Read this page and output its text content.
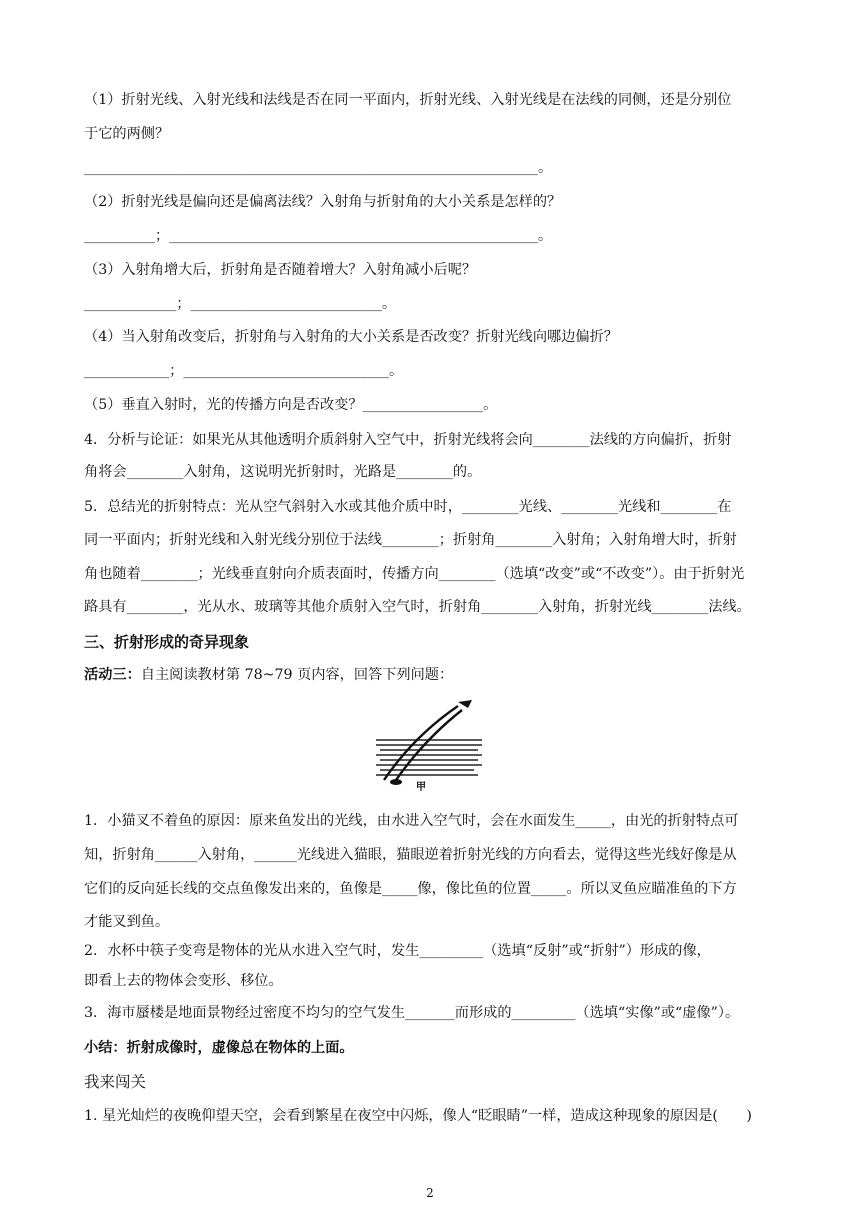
（1）折射光线、入射光线和法线是否在同一平面内，折射光线、入射光线是在法线的同侧，还是分别位
于它的两侧？
________________________________________________________________。
（2）折射光线是偏向还是偏离法线？入射角与折射角的大小关系是怎样的？
__________；____________________________________________________。
（3）入射角增大后，折射角是否随着增大？入射角减小后呢？
_____________；___________________________。
（4）当入射角改变后，折射角与入射角的大小关系是否改变？折射光线向哪边偏折？
____________；_____________________________。
（5）垂直入射时，光的传播方向是否改变？_________________。
4．分析与论证：如果光从其他透明介质斜射入空气中，折射光线将会向________法线的方向偏折，折射
角将会________入射角，这说明光折射时，光路是________的。
5．总结光的折射特点：光从空气斜射入水或其他介质中时，________光线、________光线和________在
同一平面内；折射光线和入射光线分别位于法线________；折射角________入射角；入射角增大时，折射
角也随着________；光线垂直射向介质表面时，传播方向________（选填“改变”或“不改变”）。由于折射光
路具有________，光从水、玻璃等其他介质射入空气时，折射角________入射角，折射光线________法线。
三、折射形成的奇异现象
活动三：自主阅读教材第 78~79 页内容，回答下列问题：
甲
1．小猫叉不着鱼的原因：原来鱼发出的光线，由水进入空气时，会在水面发生_____，由光的折射特点可
知，折射角______入射角，______光线进入猫眼，猫眼逆着折射光线的方向看去，觉得这些光线好像是从
它们的反向延长线的交点鱼像发出来的，鱼像是_____像，像比鱼的位置_____。所以叉鱼应瞄准鱼的下方
才能叉到鱼。
2．水杯中筷子变弯是物体的光从水进入空气时，发生_________（选填“反射”或“折射”）形成的像，
即看上去的物体会变形、移位。
3．海市蜃楼是地面景物经过密度不均匀的空气发生_______而形成的_________（选填“实像”或“虚像”）。
小结：折射成像时，虚像总在物体的上面。
我来闯关
1. 星光灿烂的夜晚仰望天空，会看到繁星在夜空中闪烁，像人“眨眼睛”一样，造成这种现象的原因是(　　)
2
